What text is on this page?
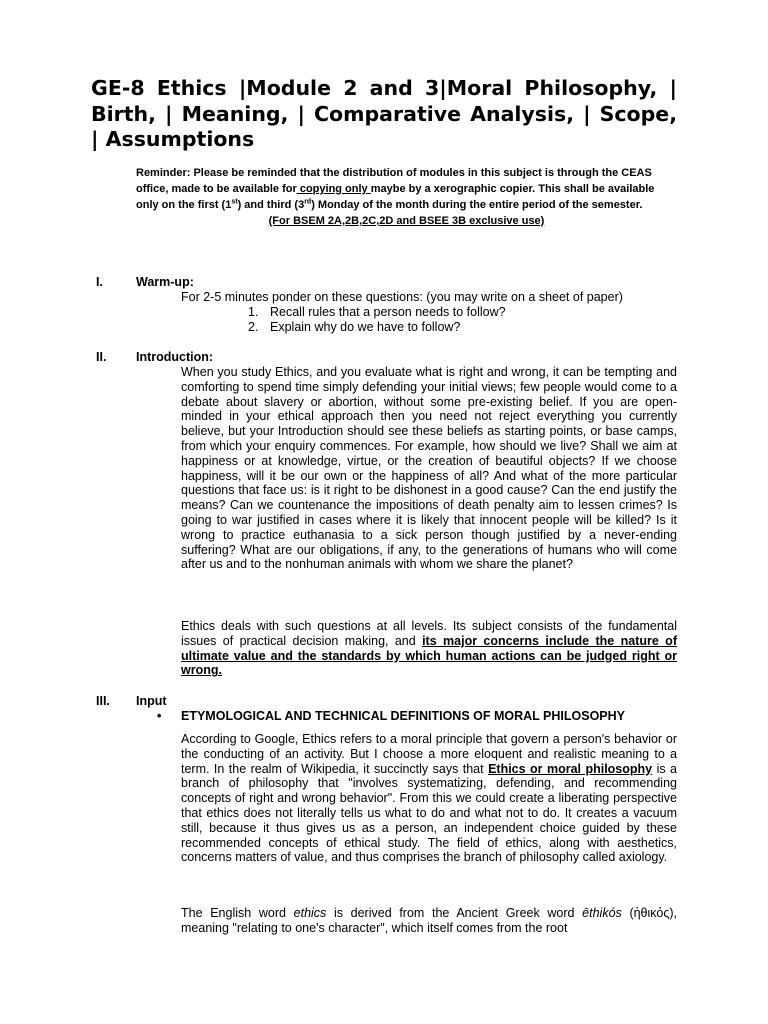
GE-8 Ethics |Module 2 and 3|Moral Philosophy, | Birth, | Meaning, | Comparative Analysis, | Scope, | Assumptions

Reminder: Please be reminded that the distribution of modules in this subject is through the CEAS office, made to be available for copying only maybe by a xerographic copier. This shall be available only on the first (1st) and third (3rd) Monday of the month during the entire period of the semester.
(For BSEM 2A,2B,2C,2D and BSEE 3B exclusive use)

I.	Warm-up:

For 2-5 minutes ponder on these questions: (you may write on a sheet of paper)

1. Recall rules that a person needs to follow?
2. Explain why do we have to follow?
II.	Introduction:

When you study Ethics, and you evaluate what is right and wrong, it can be tempting and comforting to spend time simply defending your initial views; few people would come to a debate about slavery or abortion, without some pre-existing belief. If you are open-minded in your ethical approach then you need not reject everything you currently believe, but your Introduction should see these beliefs as starting points, or base camps, from which your enquiry commences. For example, how should we live? Shall we aim at happiness or at knowledge, virtue, or the creation of beautiful objects? If we choose happiness, will it be our own or the happiness of all? And what of the more particular questions that face us: is it right to be dishonest in a good cause? Can the end justify the means? Can we countenance the impositions of death penalty aim to lessen crimes? Is going to war justified in cases where it is likely that innocent people will be killed? Is it wrong to practice euthanasia to a sick person though justified by a never-ending suffering? What are our obligations, if any, to the generations of humans who will come after us and to the nonhuman animals with whom we share the planet?

Ethics deals with such questions at all levels. Its subject consists of the fundamental issues of practical decision making, and its major concerns include the nature of ultimate value and the standards by which human actions can be judged right or wrong.

III.	Input
• ETYMOLOGICAL AND TECHNICAL DEFINITIONS OF MORAL PHILOSOPHY

According to Google, Ethics refers to a moral principle that govern a person's behavior or the conducting of an activity. But I choose a more eloquent and realistic meaning to a term. In the realm of Wikipedia, it succinctly says that Ethics or moral philosophy is a branch of philosophy that "involves systematizing, defending, and recommending concepts of right and wrong behavior". From this we could create a liberating perspective that ethics does not literally tells us what to do and what not to do. It creates a vacuum still, because it thus gives us as a person, an independent choice guided by these recommended concepts of ethical study. The field of ethics, along with aesthetics, concerns matters of value, and thus comprises the branch of philosophy called axiology.

The English word ethics is derived from the Ancient Greek word ēthikós (ἠθικός), meaning "relating to one's character", which itself comes from the root
